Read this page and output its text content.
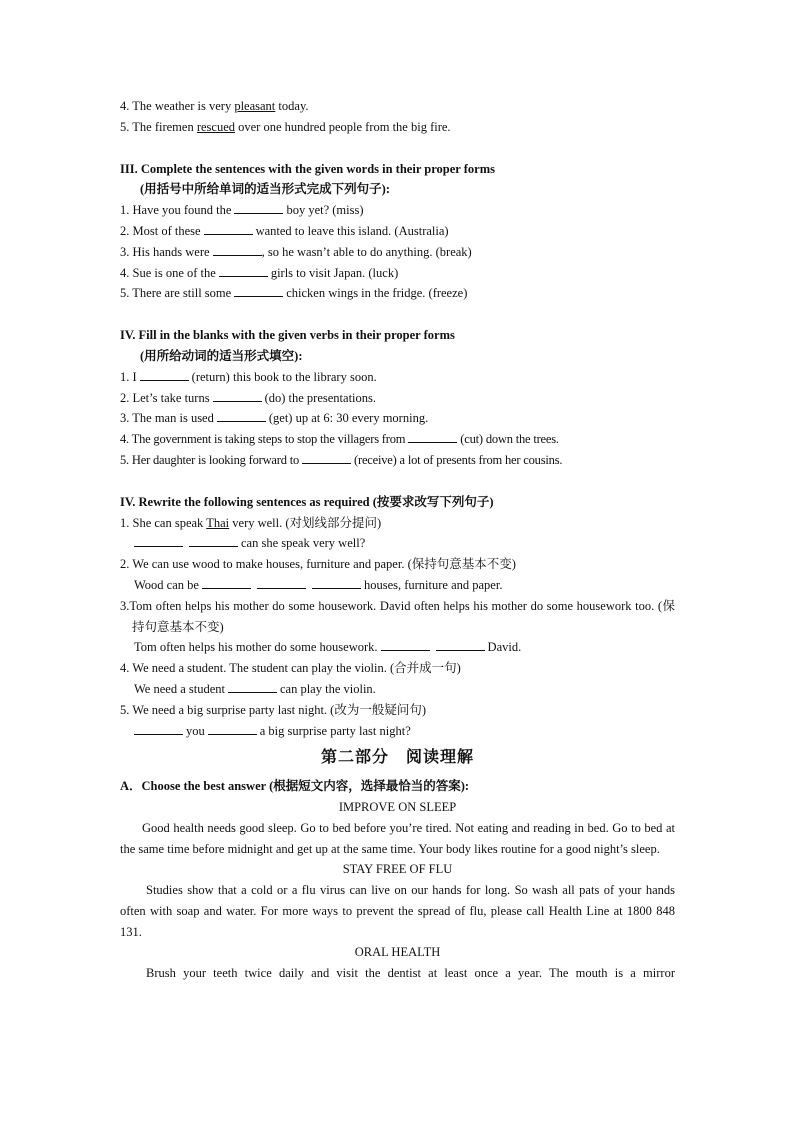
4. The weather is very pleasant today.
5. The firemen rescued over one hundred people from the big fire.
III. Complete the sentences with the given words in their proper forms
(用括号中所给单词的适当形式完成下列句子):
1. Have you found the	boy yet? (miss)
2. Most of these	wanted to leave this island. (Australia)
3. His hands were	, so he wasn’t able to do anything. (break)
4. Sue is one of the	girls to visit Japan. (luck)
5. There are still some	chicken wings in the fridge. (freeze)
IV. Fill in the blanks with the given verbs in their proper forms
(用所给动词的适当形式填空):
1. I	(return) this book to the library soon.
2. Let’s take turns	(do) the presentations.
3. The man is used	(get) up at 6: 30 every morning.
4. The government is taking steps to stop the villagers from	(cut) down the trees.
5. Her daughter is looking forward to	(receive) a lot of presents from her cousins.
IV. Rewrite the following sentences as required (按要求改写下列句子)
1. She can speak Thai very well. (对划线部分提问)
can she speak very well?
2. We can use wood to make houses, furniture and paper. (保持句意基本不变)
Wood can be	houses, furniture and paper.
3.Tom often helps his mother do some housework. David often helps his mother do some housework too. (保持句意基本不变)
Tom often helps his mother do some housework.	David.
4. We need a student. The student can play the violin. (合并成一句)
We need a student	can play the violin.
5. We need a big surprise party last night. (改为一般疑问句)
you	a big surprise party last night?
第二部分　阅读理解
A．Choose the best answer (根据短文内容，选择最恰当的答案):
IMPROVE ON SLEEP
Good health needs good sleep. Go to bed before you’re tired. Not eating and reading in bed. Go to bed at the same time before midnight and get up at the same time. Your body likes routine for a good night’s sleep.
STAY FREE OF FLU
Studies show that a cold or a flu virus can live on our hands for long. So wash all pats of your hands often with soap and water. For more ways to prevent the spread of flu, please call Health Line at 1800 848 131.
ORAL HEALTH
Brush your teeth twice daily and visit the dentist at least once a year. The mouth is a mirror
